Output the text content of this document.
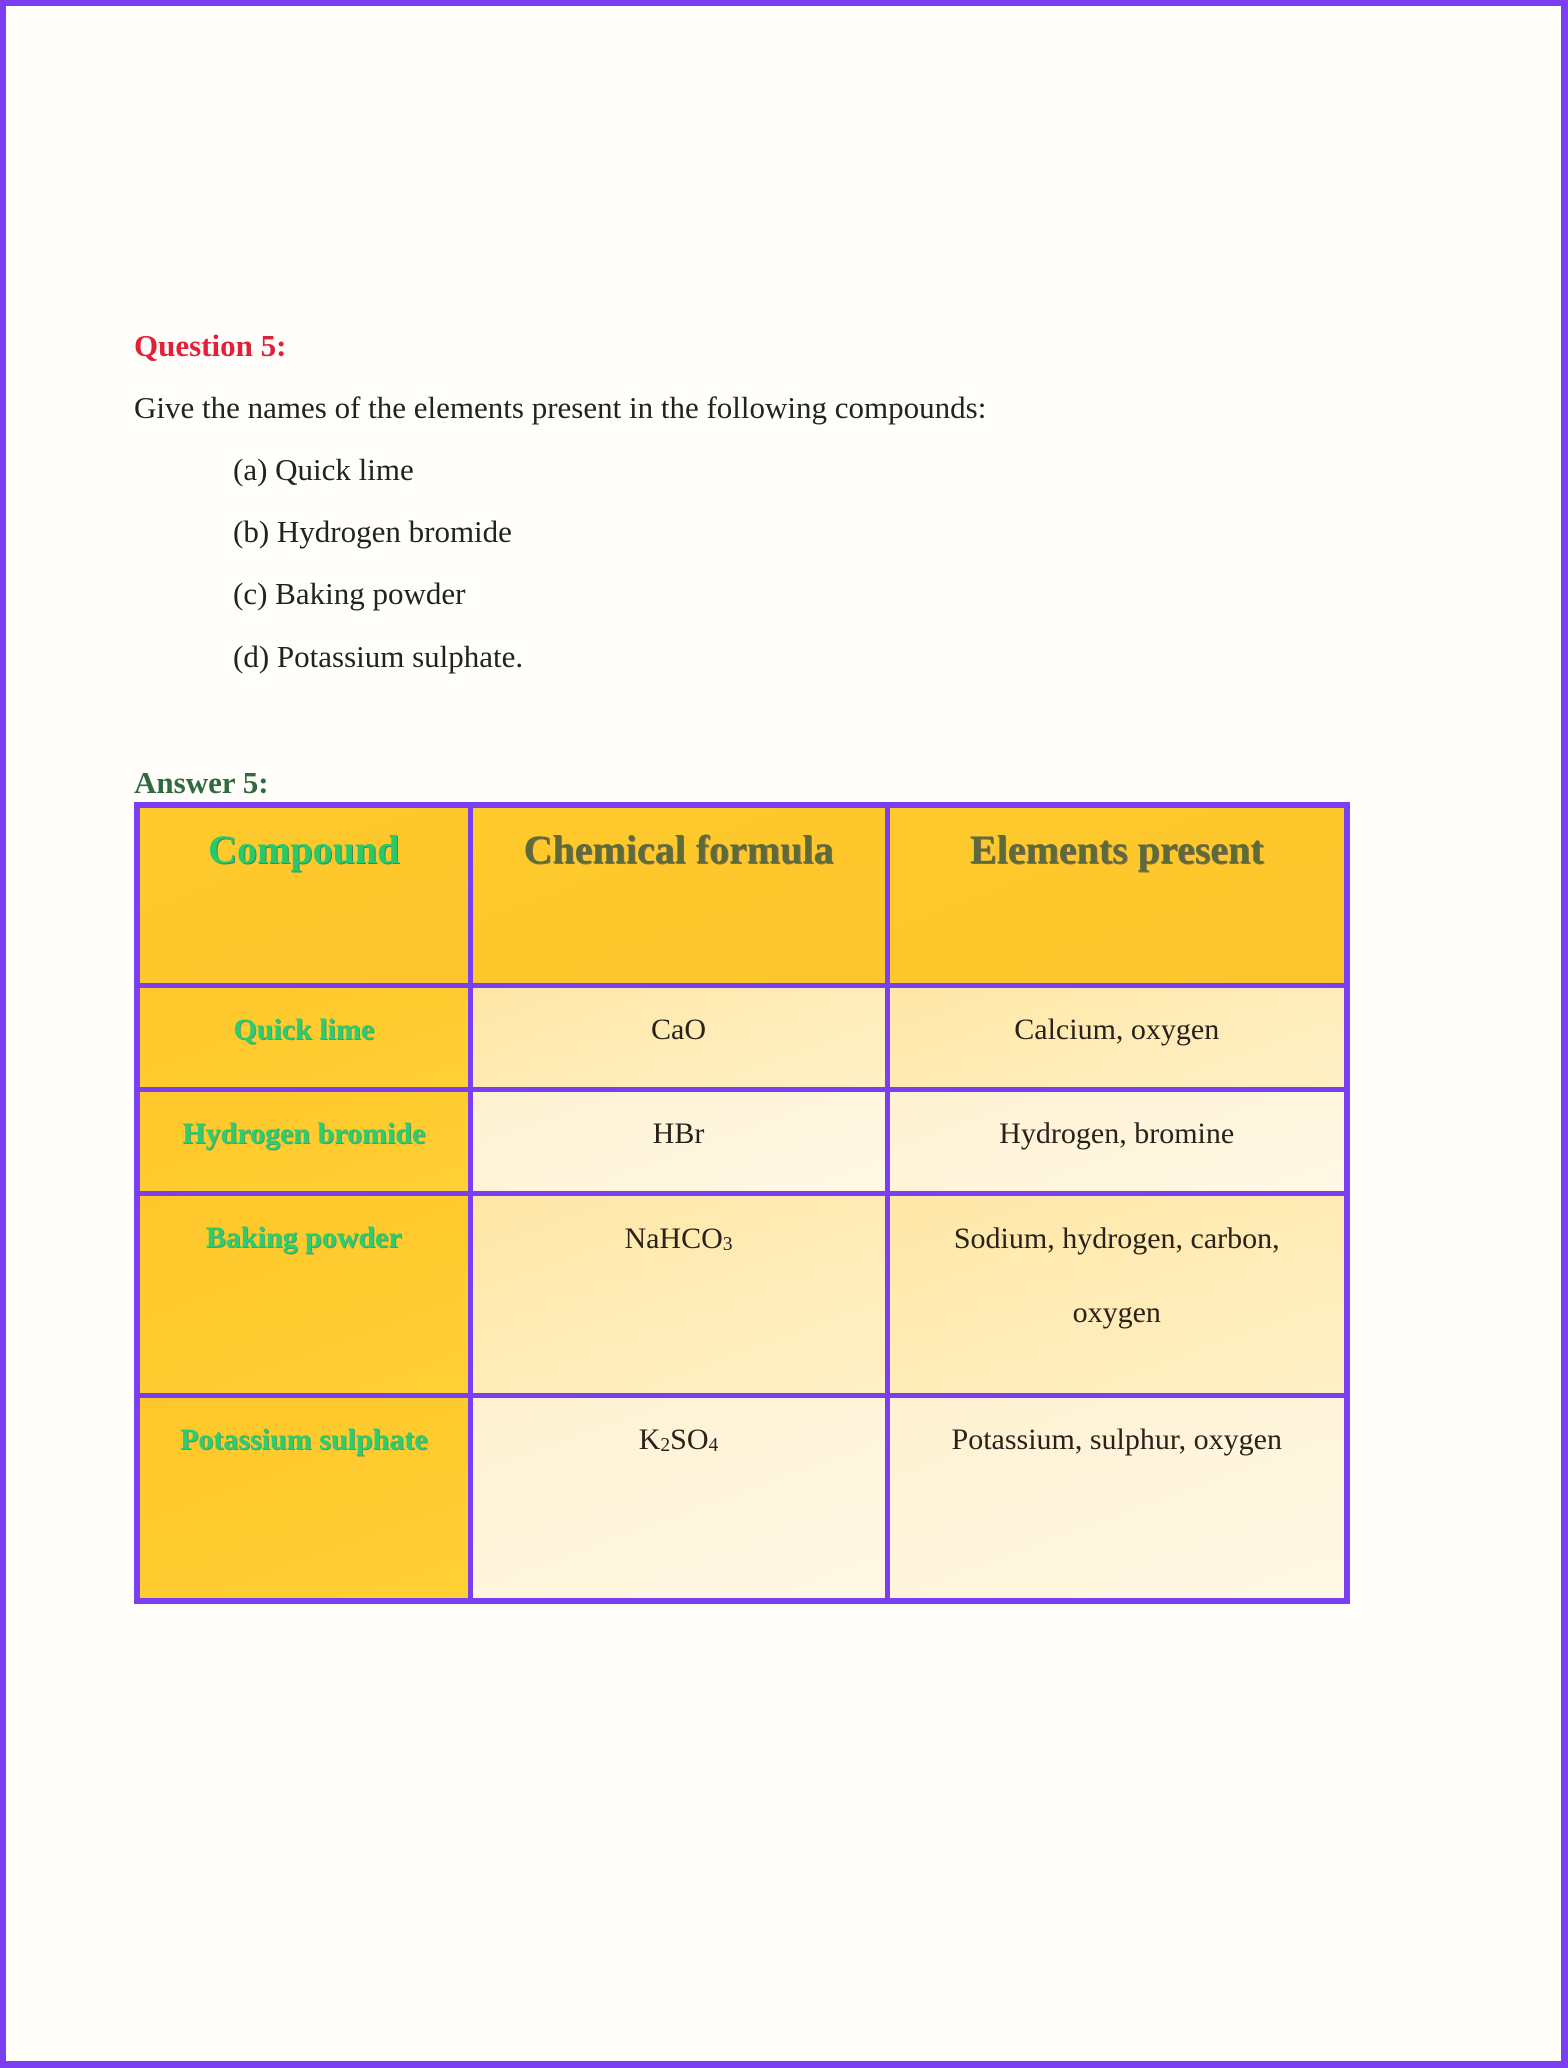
Question 5:
Give the names of the elements present in the following compounds:
(a) Quick lime
(b) Hydrogen bromide
(c) Baking powder
(d) Potassium sulphate.
Answer 5:
Compound	Chemical formula	Elements present

Quick lime	CaO	Calcium, oxygen

Hydrogen bromide	HBr	Hydrogen, bromine

Baking powder	NaHCO$_3$	Sodium, hydrogen, carbon,
oxygen

Potassium sulphate	$K_2SO_4$	Potassium, sulphur, oxygen
